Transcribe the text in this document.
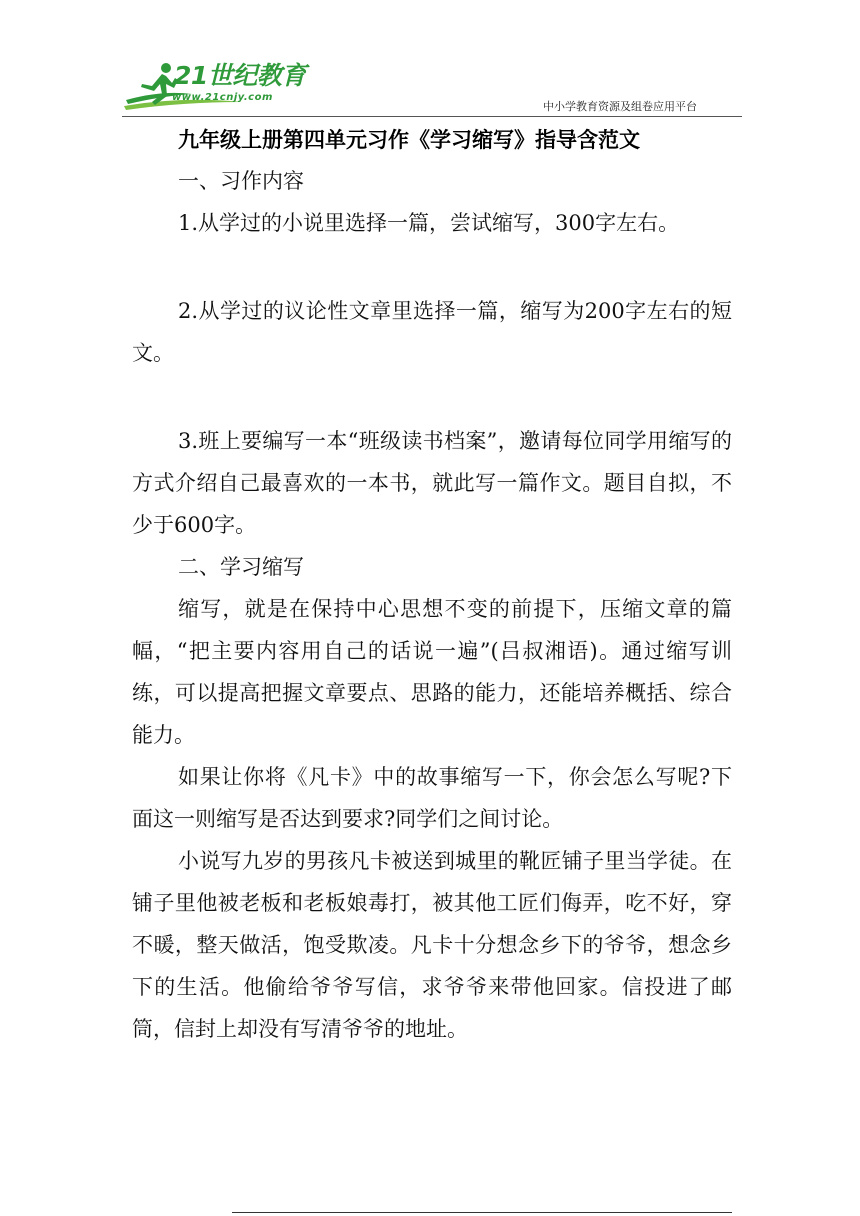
21世纪教育
www.21cnjy.com
中小学教育资源及组卷应用平台
九年级上册第四单元习作《学习缩写》指导含范文

一、习作内容

1.从学过的小说里选择一篇，尝试缩写，300字左右。

2.从学过的议论性文章里选择一篇，缩写为200字左右的短文。

3.班上要编写一本“班级读书档案”，邀请每位同学用缩写的方式介绍自己最喜欢的一本书，就此写一篇作文。题目自拟，不少于600字。

二、学习缩写

缩写，就是在保持中心思想不变的前提下，压缩文章的篇幅，“把主要内容用自己的话说一遍”(吕叔湘语)。通过缩写训练，可以提高把握文章要点、思路的能力，还能培养概括、综合能力。

如果让你将《凡卡》中的故事缩写一下，你会怎么写呢?下面这一则缩写是否达到要求?同学们之间讨论。

小说写九岁的男孩凡卡被送到城里的靴匠铺子里当学徒。在铺子里他被老板和老板娘毒打，被其他工匠们侮弄，吃不好，穿不暖，整天做活，饱受欺凌。凡卡十分想念乡下的爷爷，想念乡下的生活。他偷给爷爷写信，求爷爷来带他回家。信投进了邮筒，信封上却没有写清爷爷的地址。
